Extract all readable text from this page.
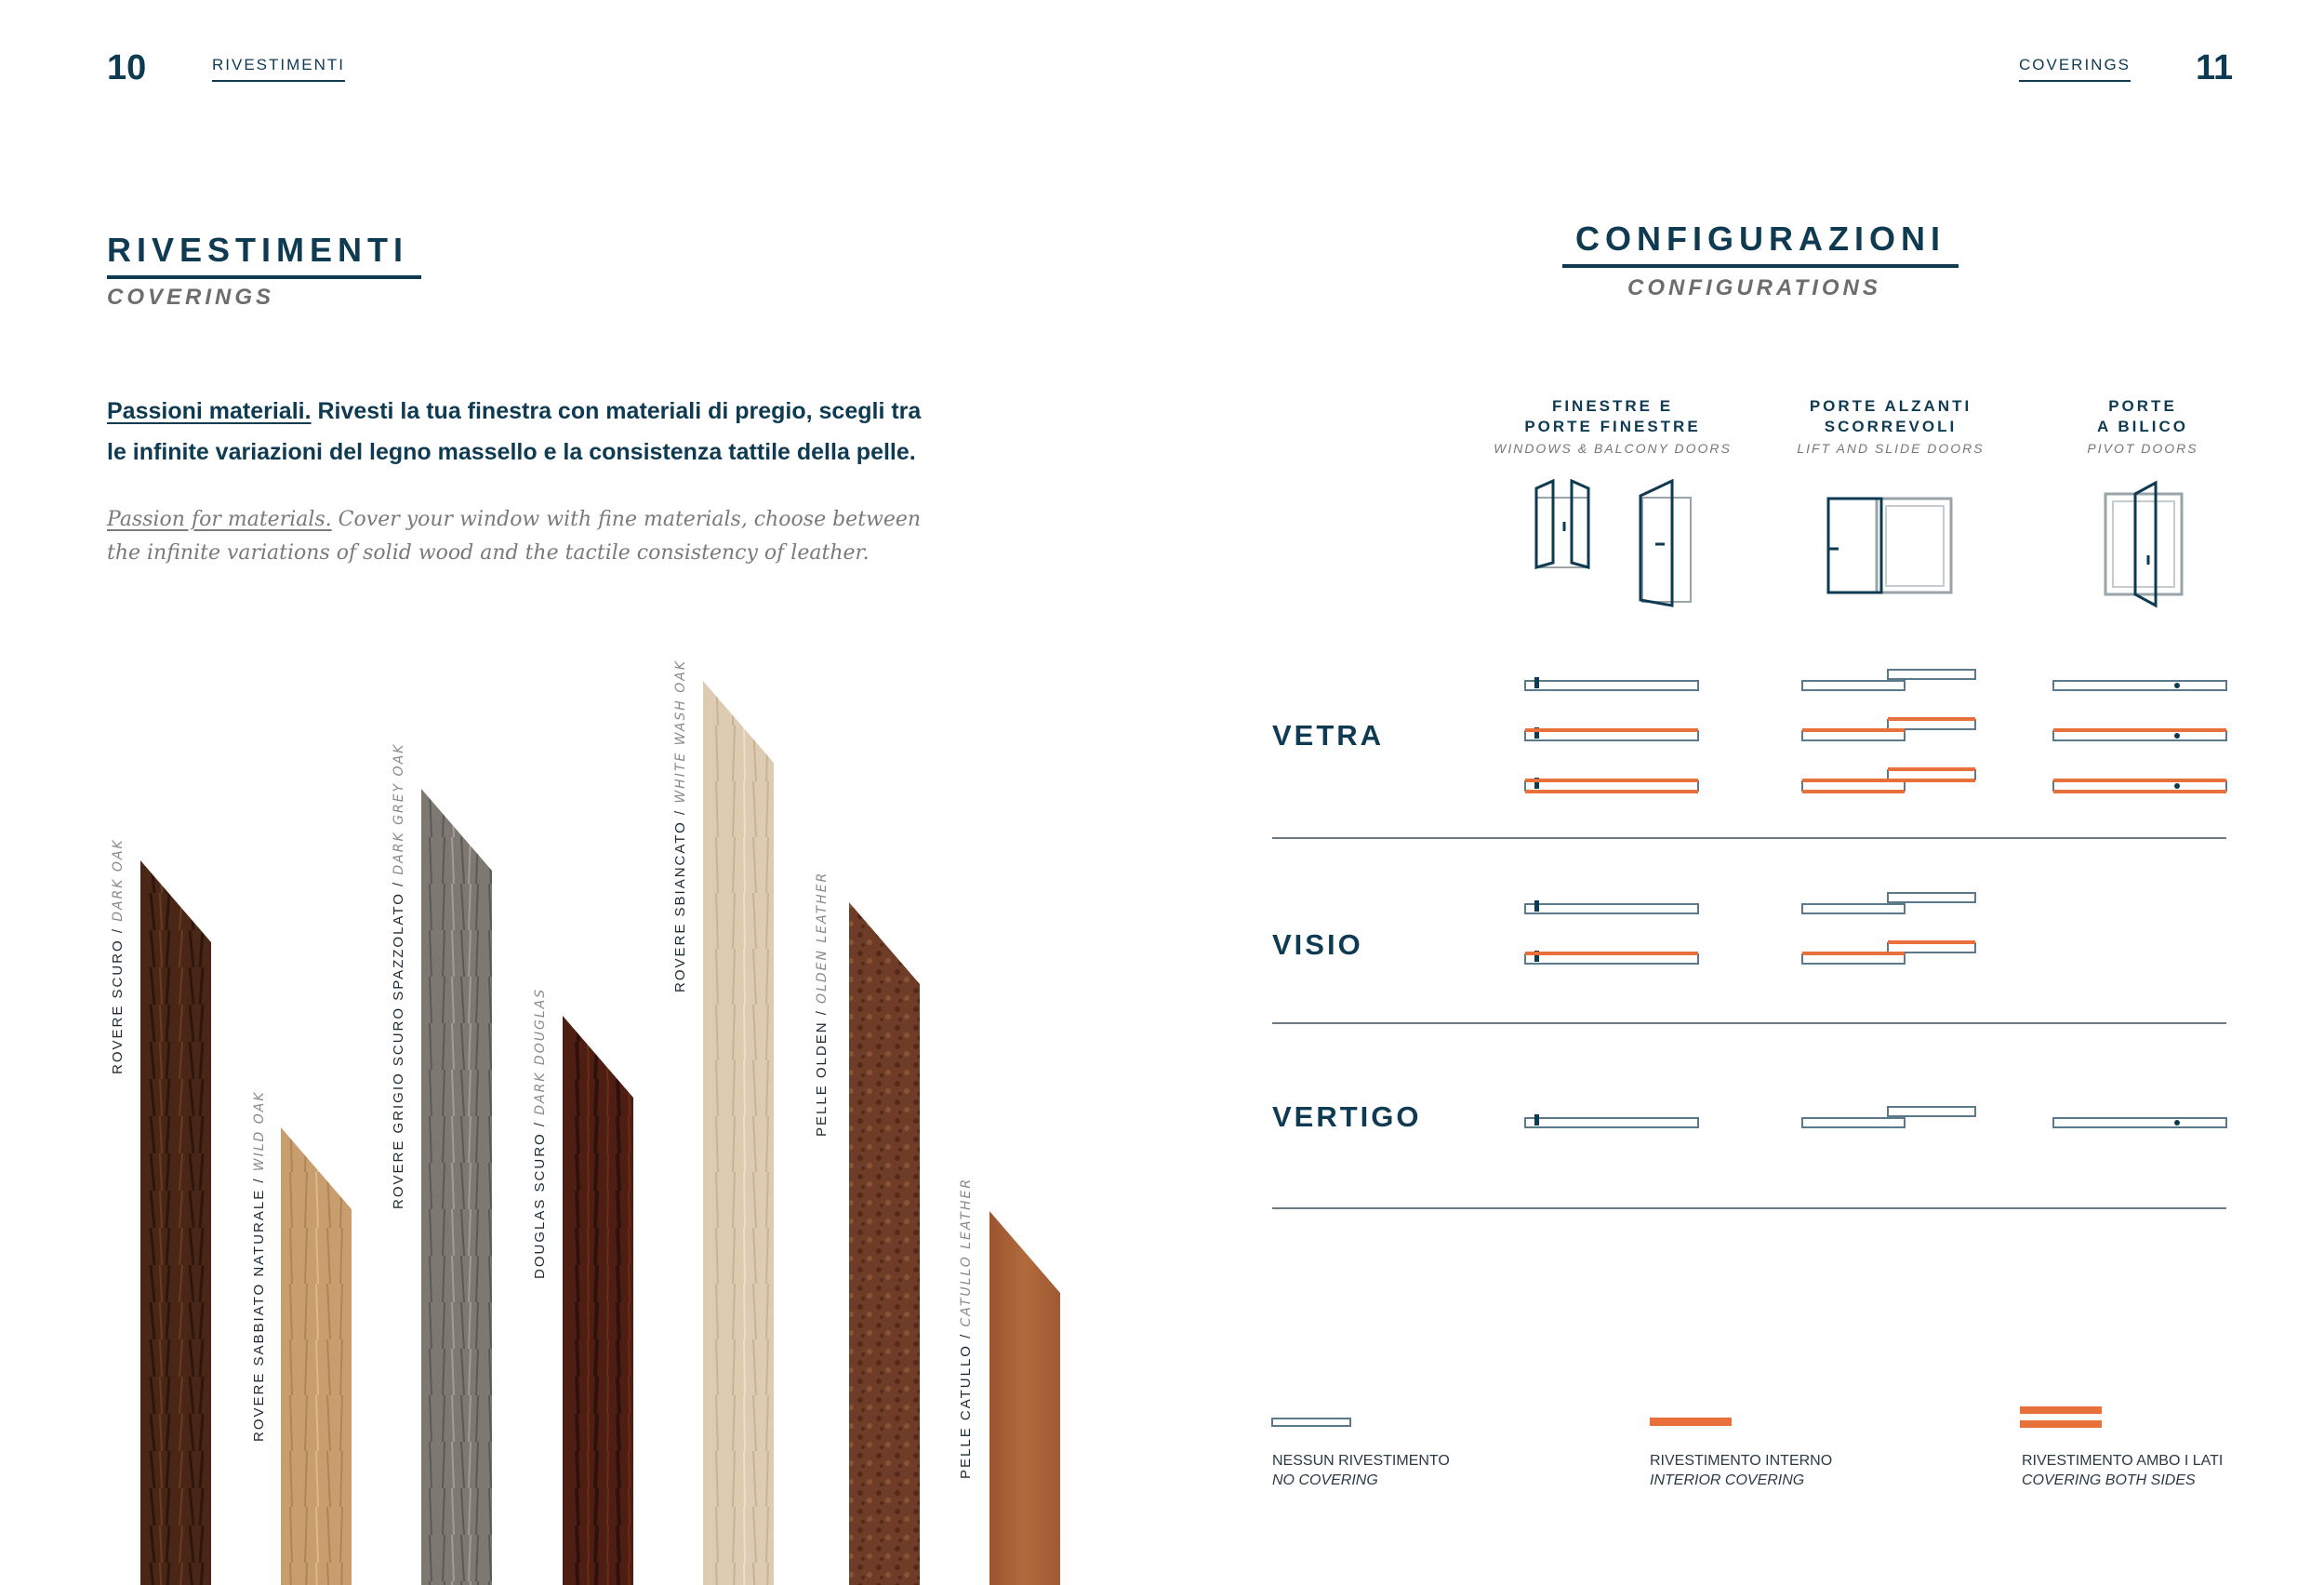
10	RIVESTIMENTI	COVERINGS 11
RIVESTIMENTI
COVERINGS
Passioni materiali. Rivesti la tua finestra con materiali di pregio, scegli tra le infinite variazioni del legno massello e la consistenza tattile della pelle.
Passion for materials. Cover your window with fine materials, choose between the infinite variations of solid wood and the tactile consistency of leather.
ROVERE SCURO / DARK OAK
ROVERE SABBIATO NATURALE / WILD OAK	ROVERE GRIGIO SCURO SPAZZOLATO / DARK GREY OAK
DOUGLAS SCURO / DARK DOUGLAS
ROVERE SBIANCATO / WHITE WASH OAK
PELLE OLDEN / OLDEN LEATHER
PELLE CATULLO / CATULLO LEATHER
CONFIGURAZIONI
CONFIGURATIONS
FINESTRE E
PORTE FINESTRE
WINDOWS & BALCONY DOORS
PORTE ALZANTI
SCORREVOLI
LIFT AND SLIDE DOORS
PORTE
A BILICO
PIVOT DOORS
VETRA
VISIO
VERTIGO
NESSUN RIVESTIMENTO
NO COVERING
RIVESTIMENTO INTERNO
INTERIOR COVERING
RIVESTIMENTO AMBO I LATI
COVERING BOTH SIDES
